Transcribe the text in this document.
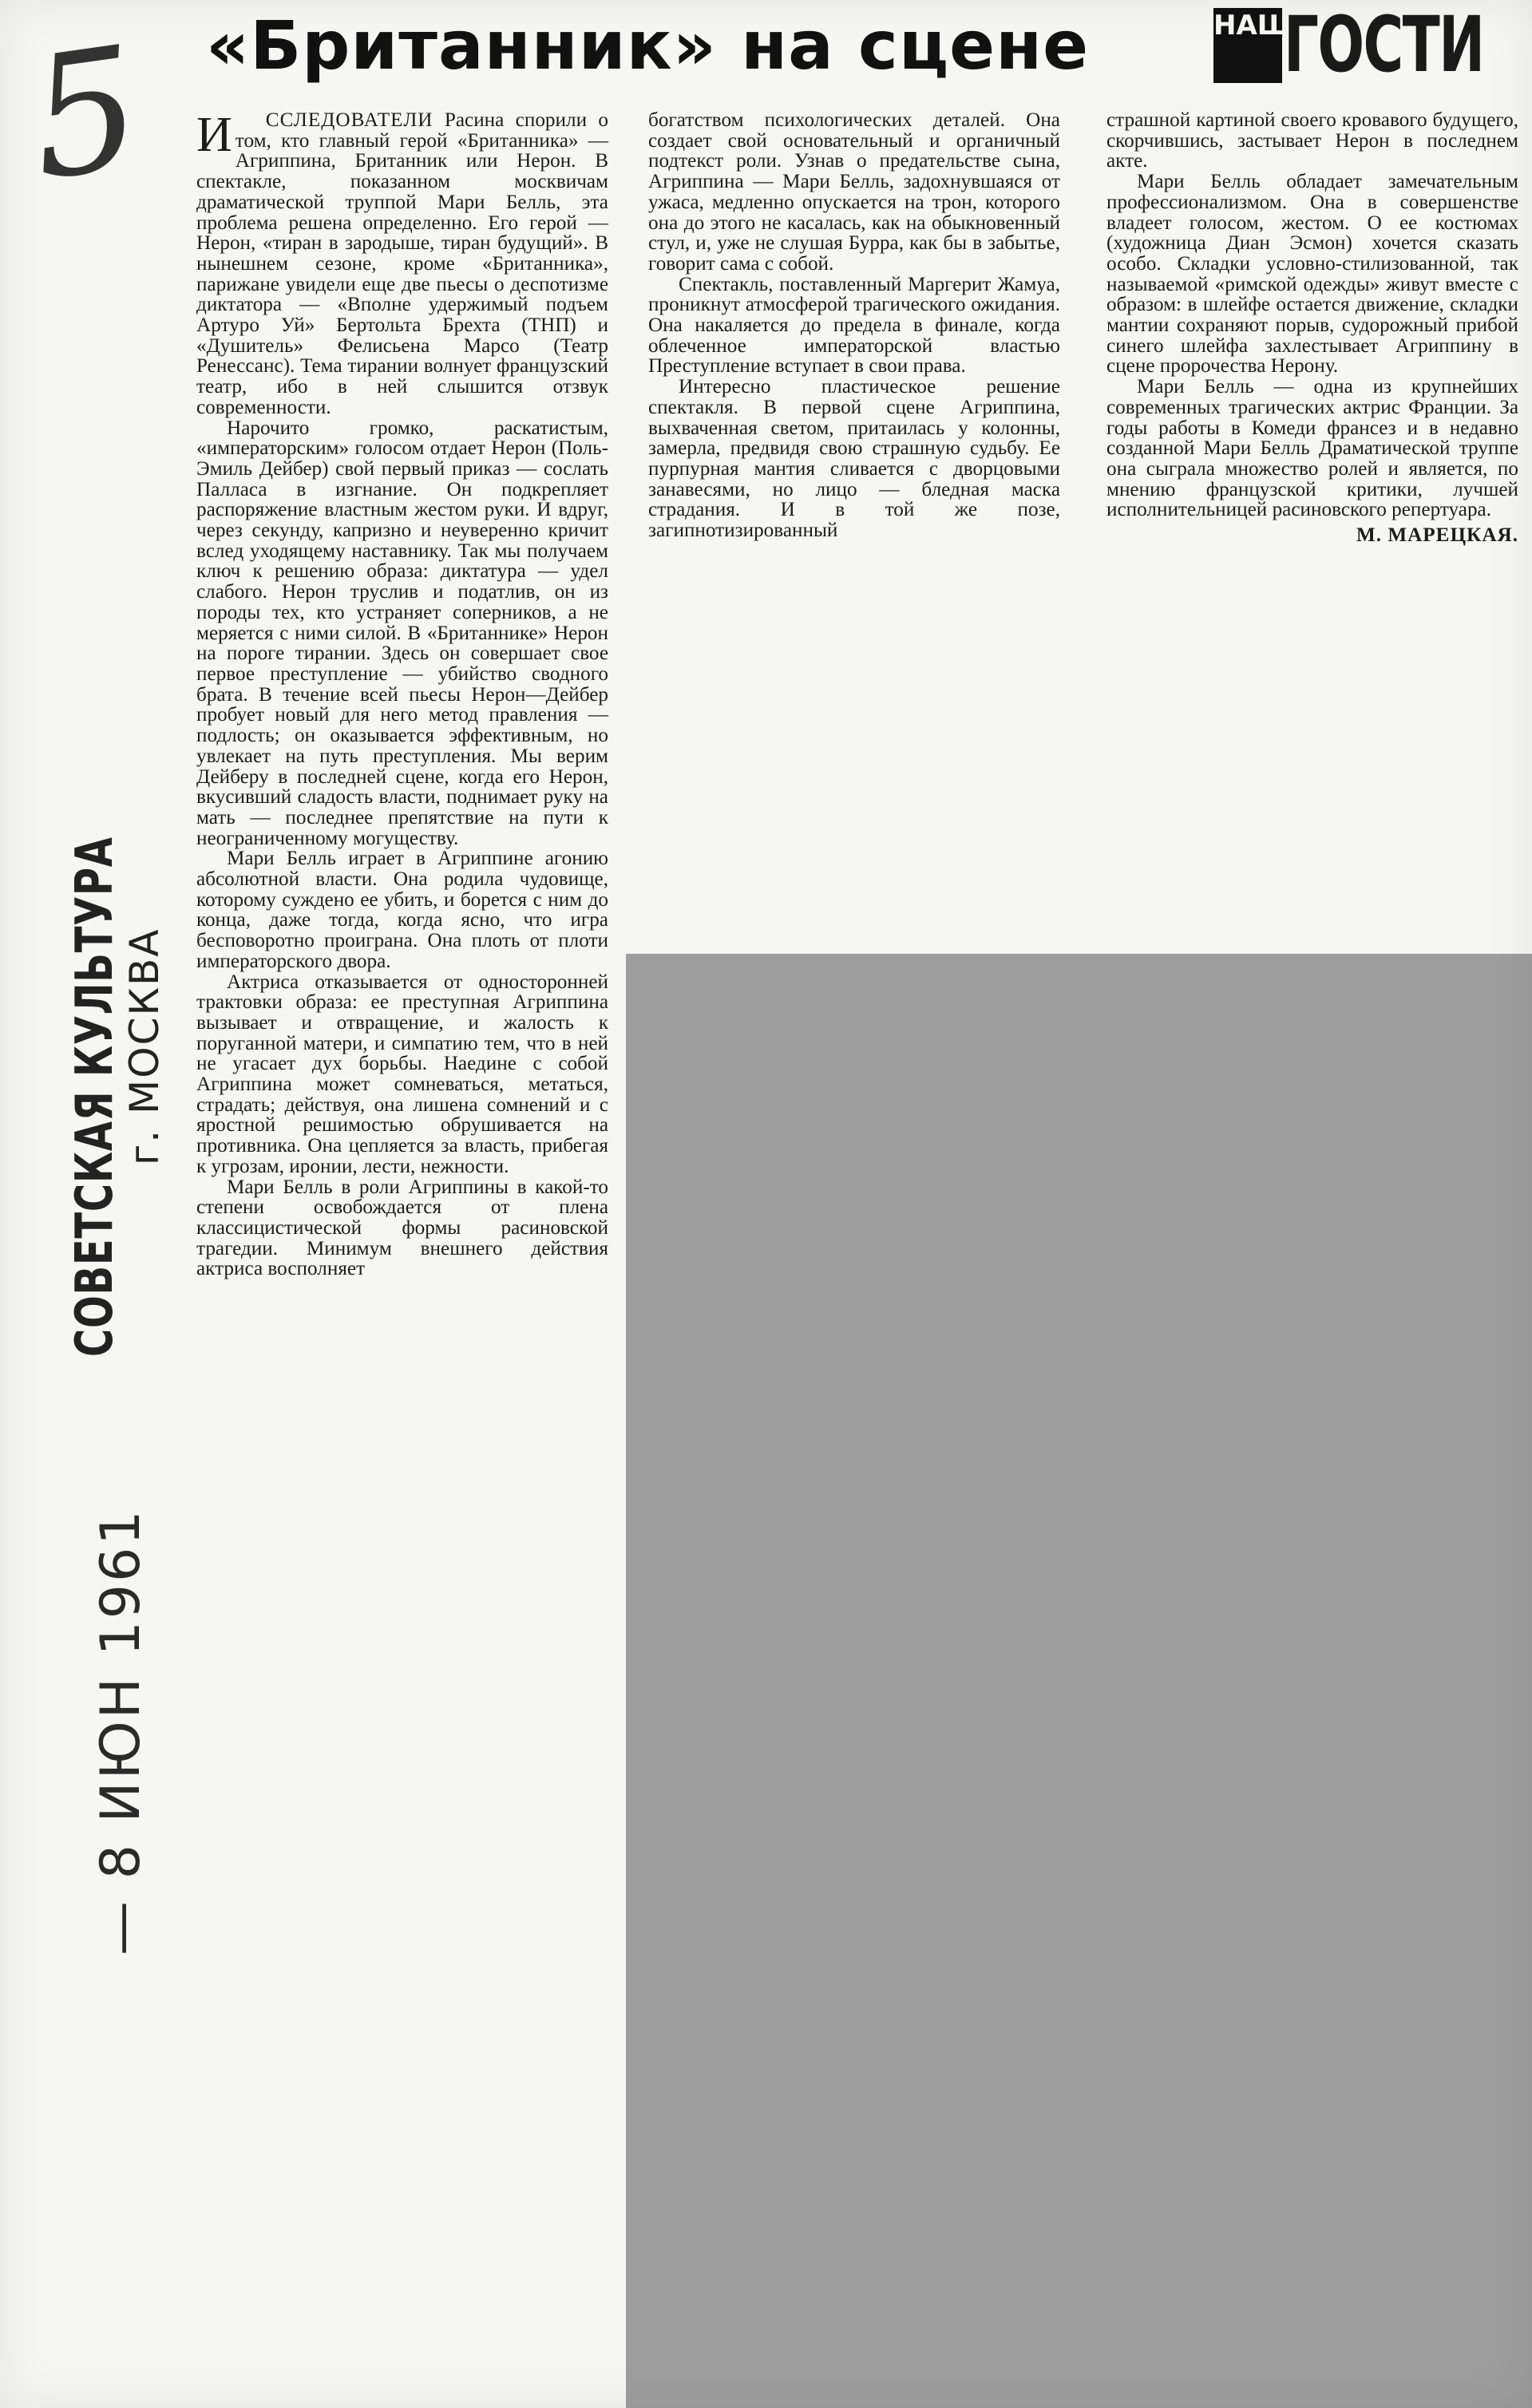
5 «Британник» на сцене	НАШИ
ГОСТИ
СОВЕТСКАЯ КУЛЬТУРА
г. МОСКВА
— 8 ИЮН 1961

И ССЛЕДОВАТЕЛИ Расина спорили о том, кто главный герой «Британника» — Агриппина, Британник или Нерон. В спектакле, показанном москвичам драматической труппой Мари Белль, эта проблема решена определенно. Его герой — Нерон, «тиран в зародыше, тиран будущий». В нынешнем сезоне, кроме «Британника», парижане увидели еще две пьесы о деспотизме диктатора — «Вполне удержимый подъем Артуро Уй» Бертольта Брехта (ТНП) и «Душитель» Фелисьена Марсо (Театр Ренессанс). Тема тирании волнует французский театр, ибо в ней слышится отзвук современности.

Нарочито громко, раскатистым, «императорским» голосом отдает Нерон (Поль-Эмиль Дейбер) свой первый приказ — сослать Палласа в изгнание. Он подкрепляет распоряжение властным жестом руки. И вдруг, через секунду, капризно и неуверенно кричит вслед уходящему наставнику. Так мы получаем ключ к решению образа: диктатура — удел слабого. Нерон труслив и податлив, он из породы тех, кто устраняет соперников, а не меряется с ними силой. В «Британнике» Нерон на пороге тирании. Здесь он совершает свое первое преступление — убийство сводного брата. В течение всей пьесы Нерон—Дейбер пробует новый для него метод правления — подлость; он оказывается эффективным, но увлекает на путь преступления. Мы верим Дейберу в последней сцене, когда его Нерон, вкусивший сладость власти, поднимает руку на мать — последнее препятствие на пути к неограниченному могуществу.

Мари Белль играет в Агриппине агонию абсолютной власти. Она родила чудовище, которому суждено ее убить, и борется с ним до конца, даже тогда, когда ясно, что игра бесповоротно проиграна. Она плоть от плоти императорского двора.

Актриса отказывается от односторонней трактовки образа: ее преступная Агриппина вызывает и отвращение, и жалость к поруганной матери, и симпатию тем, что в ней не угасает дух борьбы. Наедине с собой Агриппина может сомневаться, метаться, страдать; действуя, она лишена сомнений и с яростной решимостью обрушивается на противника. Она цепляется за власть, прибегая к угрозам, иронии, лести, нежности.

Мари Белль в роли Агриппины в какой-то степени освобождается от плена классицистической формы расиновской трагедии. Минимум внешнего действия актриса восполняет

богатством психологических деталей. Она создает свой основательный и органичный подтекст роли. Узнав о предательстве сына, Агриппина — Мари Белль, задохнувшаяся от ужаса, медленно опускается на трон, которого она до этого не касалась, как на обыкновенный стул, и, уже не слушая Бурра, как бы в забытье, говорит сама с собой.

Спектакль, поставленный Маргерит Жамуа, проникнут атмосферой трагического ожидания. Она накаляется до предела в финале, когда облеченное императорской властью Преступление вступает в свои права.

Интересно пластическое решение спектакля. В первой сцене Агриппина, выхваченная светом, притаилась у колонны, замерла, предвидя свою страшную судьбу. Ее пурпурная мантия сливается с дворцовыми занавесями, но лицо — бледная маска страдания. И в той же позе, загипнотизированный

страшной картиной своего кровавого будущего, скорчившись, застывает Нерон в последнем акте.

Мари Белль обладает замечательным профессионализмом. Она в совершенстве владеет голосом, жестом. О ее костюмах (художница Диан Эсмон) хочется сказать особо. Складки условно-стилизованной, так называемой «римской одежды» живут вместе с образом: в шлейфе остается движение, складки мантии сохраняют порыв, судорожный прибой синего шлейфа захлестывает Агриппину в сцене пророчества Нерону.

Мари Белль — одна из крупнейших современных трагических актрис Франции. За годы работы в Комеди франсез и в недавно созданной Мари Белль Драматической труппе она сыграла множество ролей и является, по мнению французской критики, лучшей исполнительницей расиновского репертуара.

М. МАРЕЦКАЯ.
